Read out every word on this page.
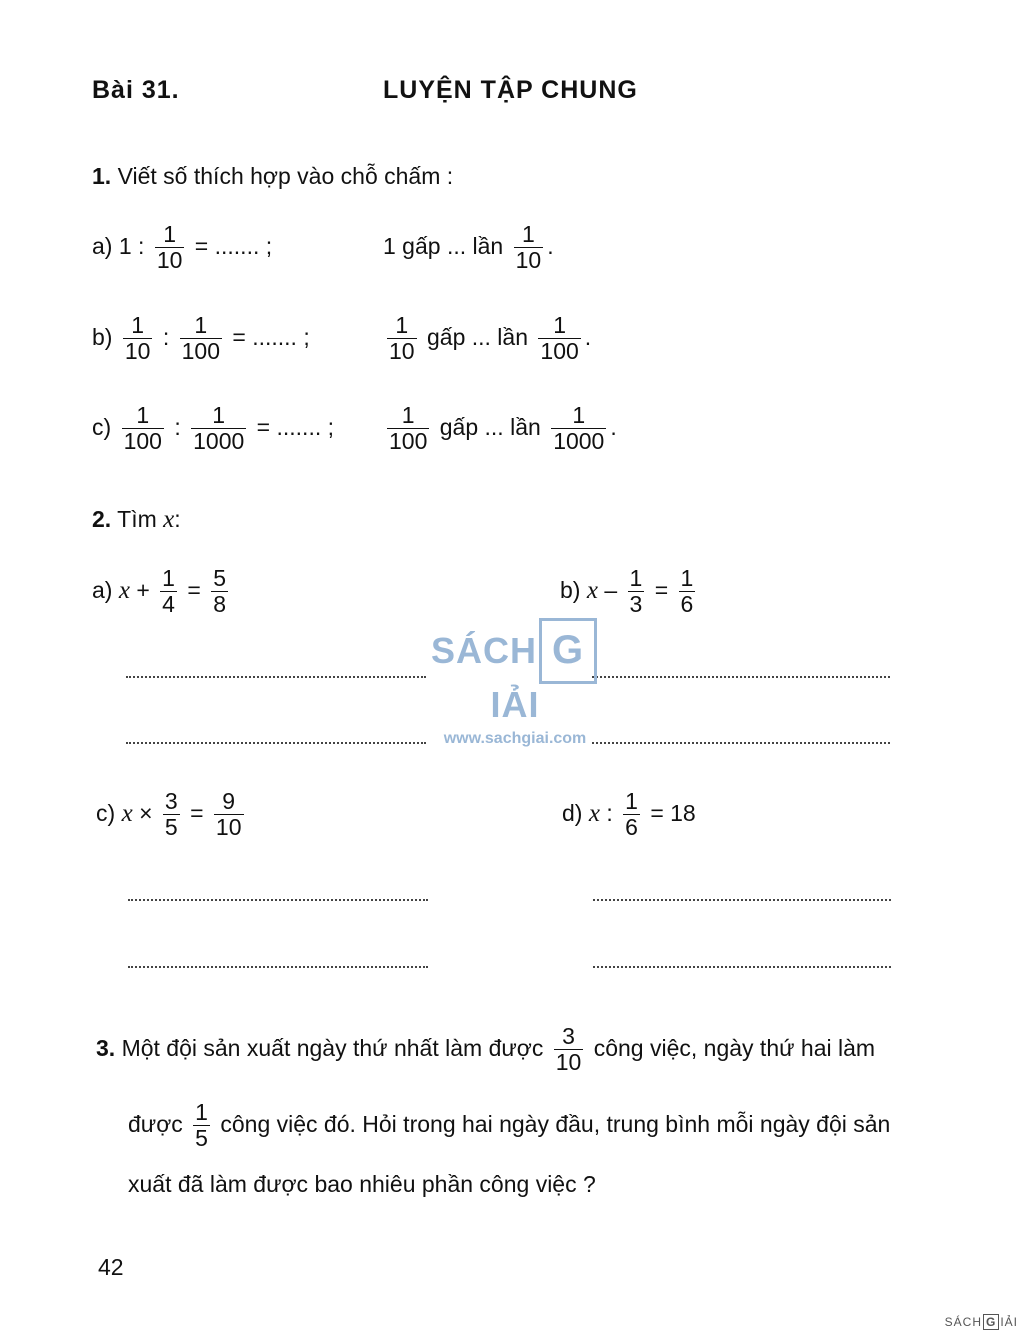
Bài 31.	LUYỆN TẬP CHUNG
1. Viết số thích hợp vào chỗ chấm :
a) 1 : $\frac{1}{10}$ = ....... ;	1 gấp ... lần $\frac{1}{10}$ .
$b) \frac{1}{10}$ : $\frac{1}{100}$ = ....... ;	$\frac{1}{10}$ gấp ... lần $\frac{1}{100}$ .
$c) \frac{1}{100}$ : $\frac{1}{1000}$ = ....... ; $\frac{1}{100}$ gấp ... lần $\frac{1}{1000}$ .
2. Tìm x:
a) $x + \frac{1}{4} = \frac{5}{8}$	b) $x - \frac{1}{3} = \frac{1}{6}$
SÁCH GIẢI
www.sachgiai.com
c) $x \times \frac{3}{5} = \frac{9}{10}$	d) x : $\frac{1}{6} = 18$
3. Một đội sản xuất ngày thứ nhất làm được $\frac{3}{10}$ công việc, ngày thứ hai làm
được $\frac{1}{5}$ công việc đó. Hỏi trong hai ngày đầu, trung bình mỗi ngày đội sản
xuất đã làm được bao nhiêu phần công việc ?
42
SÁCH G IẢI
